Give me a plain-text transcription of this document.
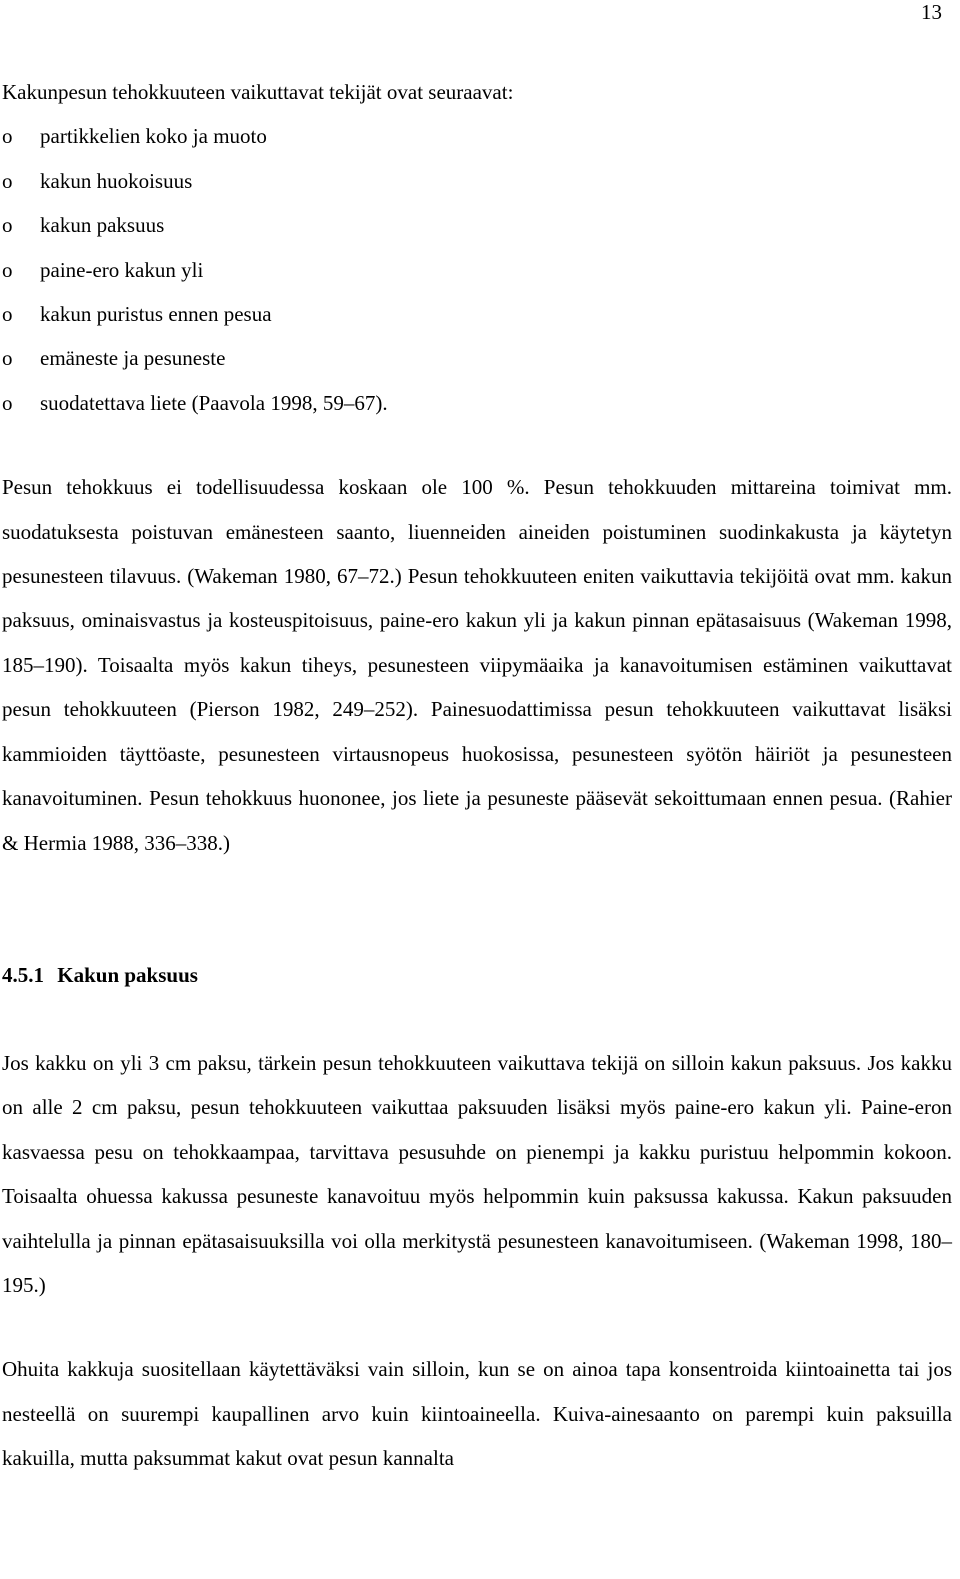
13

Kakunpesun tehokkuuteen vaikuttavat tekijät ovat seuraavat:

o partikkelien koko ja muoto
o kakun huokoisuus
o kakun paksuus
o paine-ero kakun yli
o kakun puristus ennen pesua
o emäneste ja pesuneste
o suodatettava liete (Paavola 1998, 59–67).

Pesun tehokkuus ei todellisuudessa koskaan ole 100 %. Pesun tehokkuuden mittareina toimivat mm. suodatuksesta poistuvan emänesteen saanto, liuenneiden aineiden poistuminen suodinkakusta ja käytetyn pesunesteen tilavuus. (Wakeman 1980, 67–72.) Pesun tehokkuuteen eniten vaikuttavia tekijöitä ovat mm. kakun paksuus, ominaisvastus ja kosteuspitoisuus, paine-ero kakun yli ja kakun pinnan epätasaisuus (Wakeman 1998, 185–190). Toisaalta myös kakun tiheys, pesunesteen viipymäaika ja kanavoitumisen estäminen vaikuttavat pesun tehokkuuteen (Pierson 1982, 249–252). Painesuodattimissa pesun tehokkuuteen vaikuttavat lisäksi kammioiden täyttöaste, pesunesteen virtausnopeus huokosissa, pesunesteen syötön häiriöt ja pesunesteen kanavoituminen. Pesun tehokkuus huononee, jos liete ja pesuneste pääsevät sekoittumaan ennen pesua. (Rahier & Hermia 1988, 336–338.)

4.5.1 Kakun paksuus

Jos kakku on yli 3 cm paksu, tärkein pesun tehokkuuteen vaikuttava tekijä on silloin kakun paksuus. Jos kakku on alle 2 cm paksu, pesun tehokkuuteen vaikuttaa paksuuden lisäksi myös paine-ero kakun yli. Paine-eron kasvaessa pesu on tehokkaampaa, tarvittava pesusuhde on pienempi ja kakku puristuu helpommin kokoon. Toisaalta ohuessa kakussa pesuneste kanavoituu myös helpommin kuin paksussa kakussa. Kakun paksuuden vaihtelulla ja pinnan epätasaisuuksilla voi olla merkitystä pesunesteen kanavoitumiseen. (Wakeman 1998, 180–195.)

Ohuita kakkuja suositellaan käytettäväksi vain silloin, kun se on ainoa tapa konsentroida kiintoainetta tai jos nesteellä on suurempi kaupallinen arvo kuin kiintoaineella. Kuiva-ainesaanto on parempi kuin paksuilla kakuilla, mutta paksummat kakut ovat pesun kannalta
